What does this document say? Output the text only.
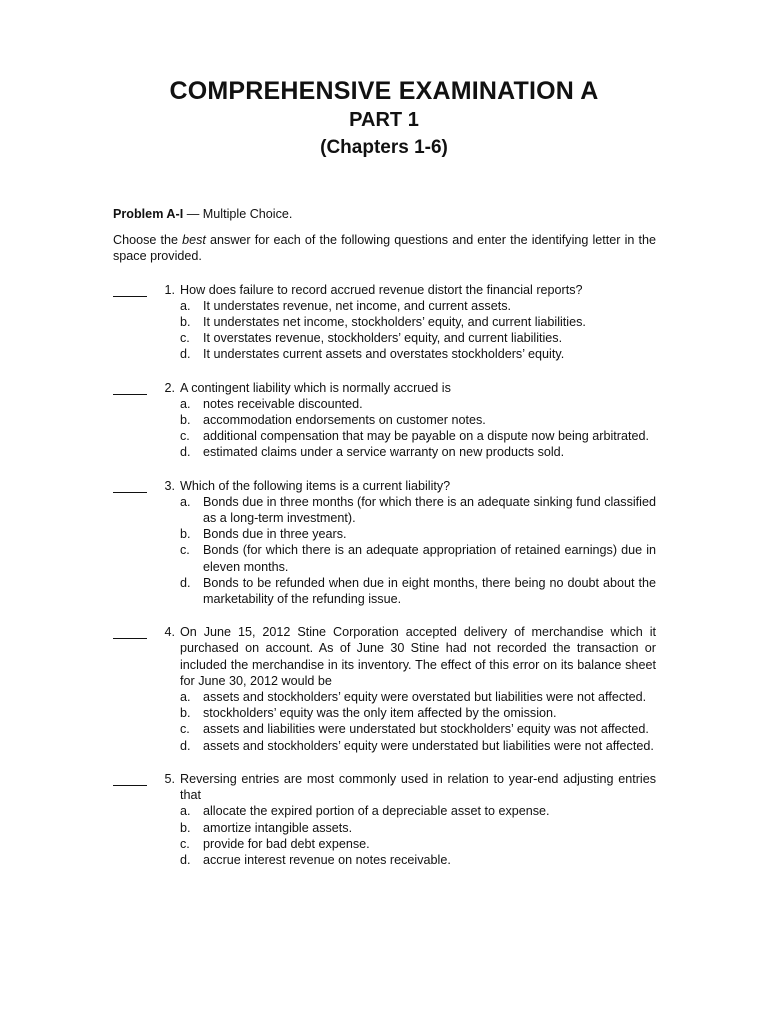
COMPREHENSIVE EXAMINATION A
PART 1
(Chapters 1-6)

Problem A-I — Multiple Choice.

Choose the best answer for each of the following questions and enter the identifying letter in the space provided.

1. How does failure to record accrued revenue distort the financial reports?
a. It understates revenue, net income, and current assets.
b. It understates net income, stockholders’ equity, and current liabilities.
c. It overstates revenue, stockholders’ equity, and current liabilities.
d. It understates current assets and overstates stockholders’ equity.
2. A contingent liability which is normally accrued is
a. notes receivable discounted.
b. accommodation endorsements on customer notes.
c. additional compensation that may be payable on a dispute now being arbitrated.
d. estimated claims under a service warranty on new products sold.
3. Which of the following items is a current liability?
a. Bonds due in three months (for which there is an adequate sinking fund classified as a long-term investment).
b. Bonds due in three years.
c. Bonds (for which there is an adequate appropriation of retained earnings) due in eleven months.
d. Bonds to be refunded when due in eight months, there being no doubt about the marketability of the refunding issue.
4. On June 15, 2012 Stine Corporation accepted delivery of merchandise which it purchased on account. As of June 30 Stine had not recorded the transaction or included the merchandise in its inventory. The effect of this error on its balance sheet for June 30, 2012 would be
a. assets and stockholders’ equity were overstated but liabilities were not affected.
b. stockholders’ equity was the only item affected by the omission.
c. assets and liabilities were understated but stockholders’ equity was not affected.
d. assets and stockholders’ equity were understated but liabilities were not affected.
5. Reversing entries are most commonly used in relation to year-end adjusting entries that
a. allocate the expired portion of a depreciable asset to expense.
b. amortize intangible assets.
c. provide for bad debt expense.
d. accrue interest revenue on notes receivable.
